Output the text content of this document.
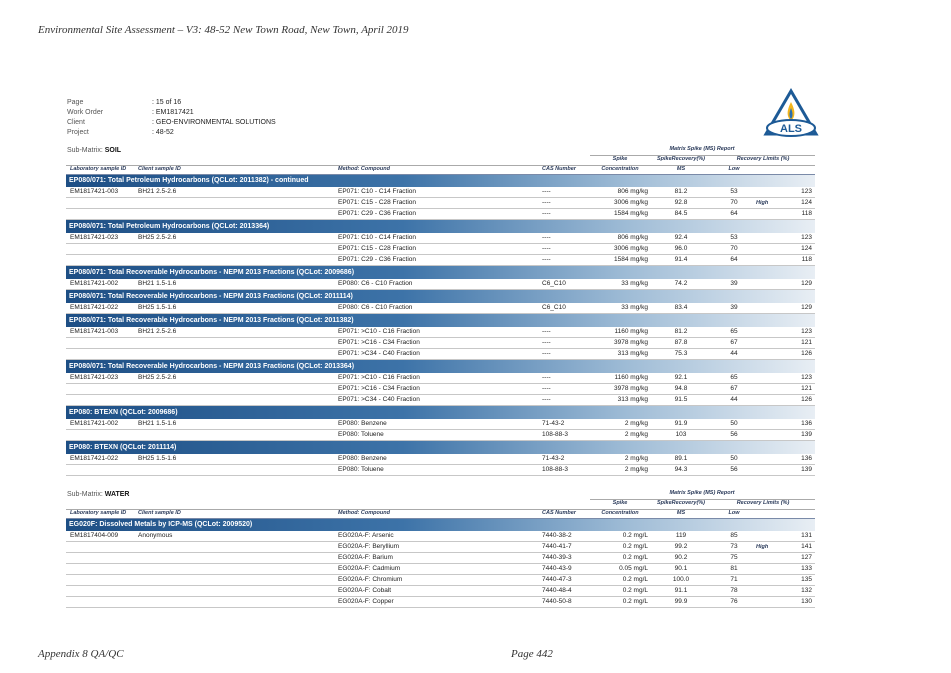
Environmental Site Assessment – V3: 48-52 New Town Road, New Town, April 2019
Page	: 15 of 16
Work Order	: EM1817421
Client	: GEO-ENVIRONMENTAL SOLUTIONS
Project	: 48-52	ALS
Sub-Matrix: SOIL	Matrix Spike (MS) Report
Spike	SpikeRecovery(%)	Recovery Limits (%)
Laboratory sample ID Client sample ID	Method: Compound	CAS Number	Concentration	MS	Low
High
EP080/071: Total Petroleum Hydrocarbons (QCLot: 2011382) - continued
EM1817421-003	BH21 2.5-2.6	EP071: C10 - C14 Fraction	----	806 mg/kg	81.2	53	123
EP071: C15 - C28 Fraction	----	3006 mg/kg	92.8	70	124
EP071: C29 - C36 Fraction	----	1584 mg/kg	84.5	64	118
EP080/071: Total Petroleum Hydrocarbons (QCLot: 2013364)
EM1817421-023	BH25 2.5-2.6	EP071: C10 - C14 Fraction	----	806 mg/kg	92.4	53	123
EP071: C15 - C28 Fraction	----	3006 mg/kg	96.0	70	124
EP071: C29 - C36 Fraction	----	1584 mg/kg	91.4	64	118
EP080/071: Total Recoverable Hydrocarbons - NEPM 2013 Fractions (QCLot: 2009686)
EM1817421-002	BH21 1.5-1.6	EP080: C6 - C10 Fraction	C6_C10	33 mg/kg	74.2	39	129
EP080/071: Total Recoverable Hydrocarbons - NEPM 2013 Fractions (QCLot: 2011114)
EM1817421-022	BH25 1.5-1.6	EP080: C6 - C10 Fraction	C6_C10	33 mg/kg	83.4	39	129
EP080/071: Total Recoverable Hydrocarbons - NEPM 2013 Fractions (QCLot: 2011382)
EM1817421-003	BH21 2.5-2.6	EP071: >C10 - C16 Fraction	----	1160 mg/kg	81.2	65	123
EP071: >C16 - C34 Fraction	----	3978 mg/kg	87.8	67	121
EP071: >C34 - C40 Fraction	----	313 mg/kg	75.3	44	126
EP080/071: Total Recoverable Hydrocarbons - NEPM 2013 Fractions (QCLot: 2013364)
EM1817421-023	BH25 2.5-2.6	EP071: >C10 - C16 Fraction	----	1160 mg/kg	92.1	65	123
EP071: >C16 - C34 Fraction	----	3978 mg/kg	94.8	67	121
EP071: >C34 - C40 Fraction	----	313 mg/kg	91.5	44	126
EP080: BTEXN (QCLot: 2009686)
EM1817421-002	BH21 1.5-1.6	EP080: Benzene	71-43-2	2 mg/kg	91.9	50	136
EP080: Toluene	108-88-3	2 mg/kg	103	56	139
EP080: BTEXN (QCLot: 2011114)
EM1817421-022	BH25 1.5-1.6	EP080: Benzene	71-43-2	2 mg/kg	89.1	50	136
EP080: Toluene	108-88-3	2 mg/kg	94.3	56	139
Sub-Matrix: WATER	Matrix Spike (MS) Report
Spike	SpikeRecovery(%)	Recovery Limits (%)
Laboratory sample ID Client sample ID	Method: Compound	CAS Number	Concentration	MS	Low
High
EG020F: Dissolved Metals by ICP-MS (QCLot: 2009520)
EM1817404-009	Anonymous	EG020A-F: Arsenic	7440-38-2	0.2 mg/L	119	85	131
EG020A-F: Beryllium	7440-41-7	0.2 mg/L	99.2	73	141
EG020A-F: Barium	7440-39-3	0.2 mg/L	90.2	75	127
EG020A-F: Cadmium	7440-43-9	0.05 mg/L	90.1	81	133
EG020A-F: Chromium	7440-47-3	0.2 mg/L	100.0	71	135
EG020A-F: Cobalt	7440-48-4	0.2 mg/L	91.1	78	132
EG020A-F: Copper	7440-50-8	0.2 mg/L	99.9	76	130
Appendix 8 QA/QC	Page 442
